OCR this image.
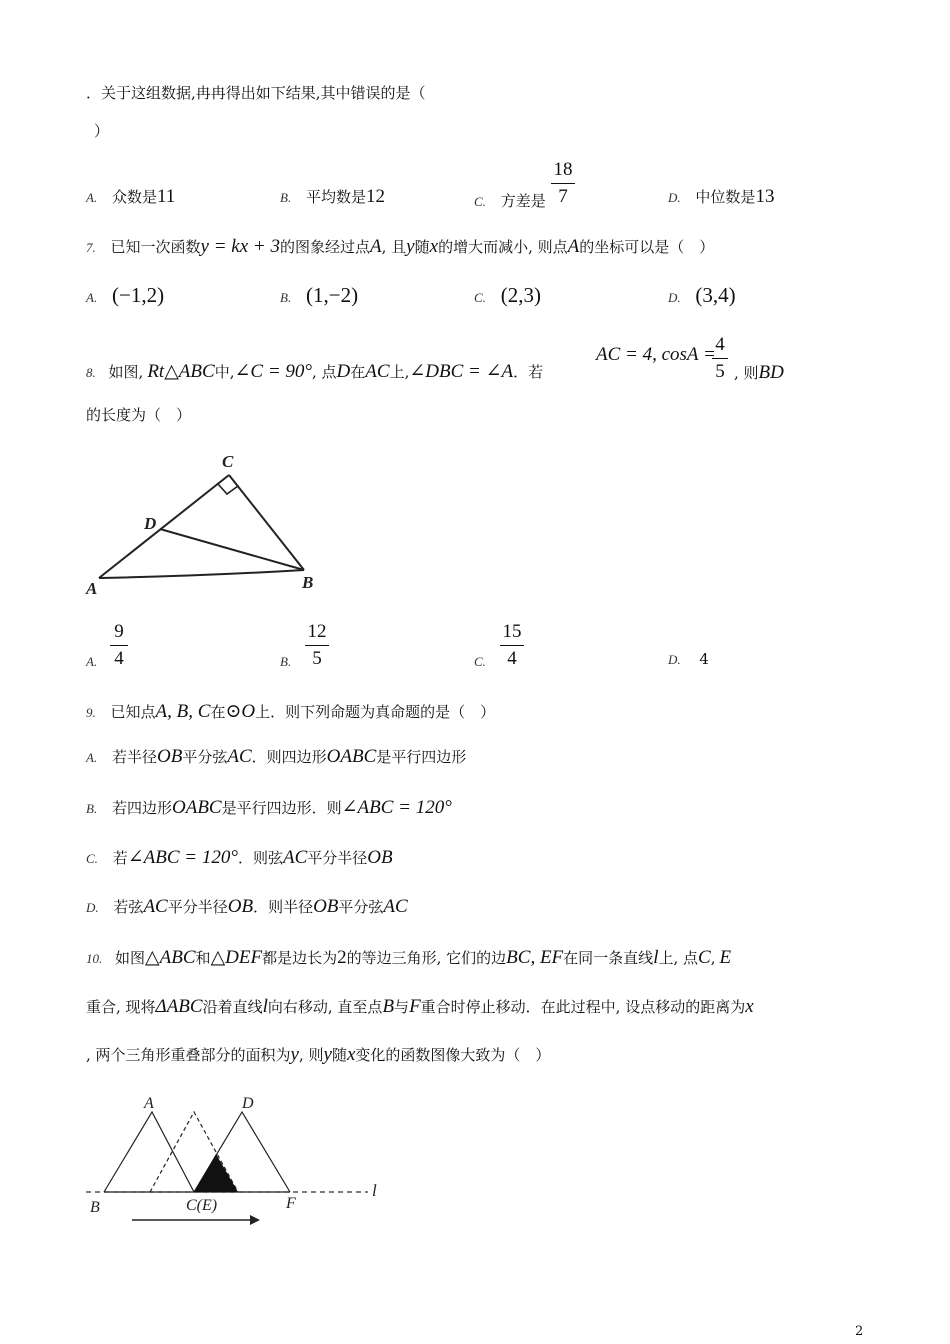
．关于这组数据,冉冉得出如下结果,其中错误的是（
）
A. 众数是11	B. 平均数是12	C. 方差是
18
7	D. 中位数是13
7. 已知一次函数y = kx + 3的图象经过点A, 且y随x的增大而减小, 则点A的坐标可以是（　）
A. (−1,2)	B. (1,−2)	C. (2,3)	D. (3,4)
8. 如图, Rt△ABC中,∠C = 90°, 点D在AC上,∠DBC = ∠A．若
AC = 4, cosA = 4
5 , 则BD
的长度为（　）
C
D
A	B
A.
9
4	B.
12
5	C.
15
4	D. 4
9. 已知点A, B, C在⊙O上．则下列命题为真命题的是（　）
A. 若半径OB平分弦AC．则四边形OABC是平行四边形
B. 若四边形OABC是平行四边形．则∠ABC = 120°
C. 若∠ABC = 120°．则弦AC平分半径OB
D. 若弦AC平分半径OB．则半径OB平分弦AC
10. 如图△ABC和△DEF都是边长为2的等边三角形, 它们的边BC, EF在同一条直线l上, 点C, E
重合, 现将ΔABC沿着直线l向右移动, 直至点B与F重合时停止移动．在此过程中, 设点移动的距离为x
, 两个三角形重叠部分的面积为y, 则y随x变化的函数图像大致为（　）
A	D
B	C(E)	F
l
2
